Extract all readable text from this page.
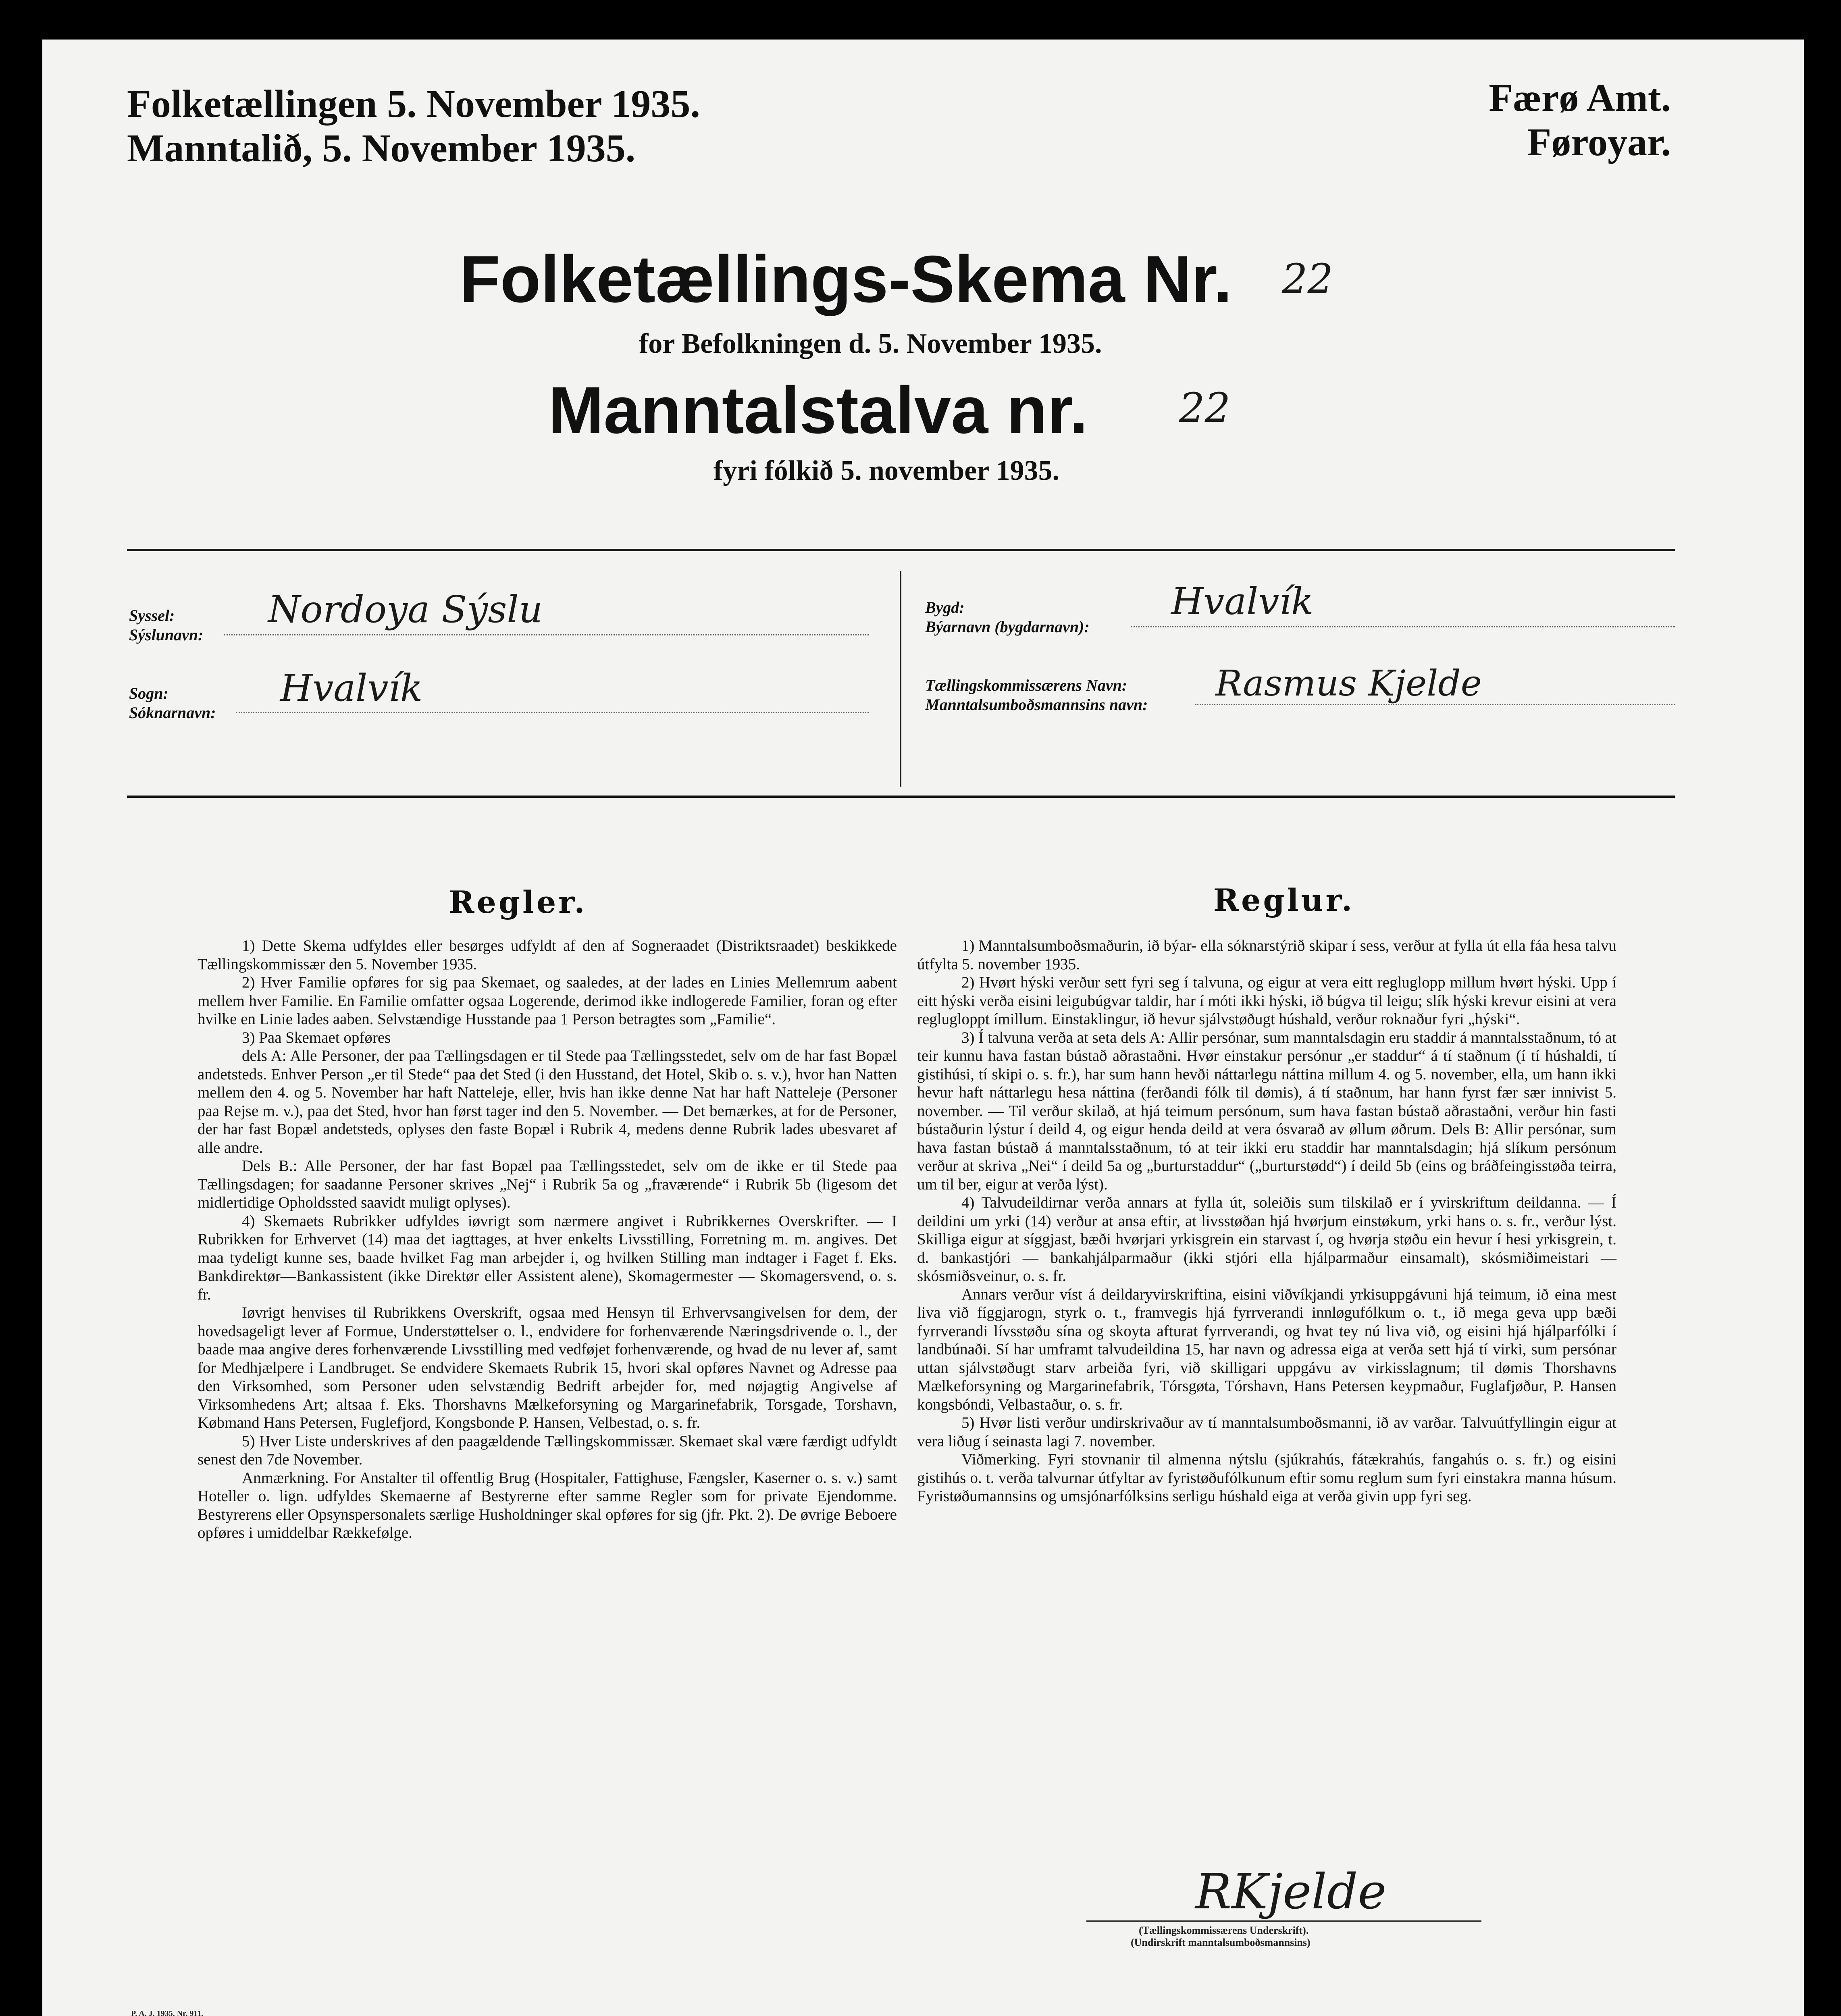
Folketællingen 5. November 1935.
Manntalið, 5. November 1935.
Færø Amt.
Føroyar.
Folketællings-Skema Nr. 22
for Befolkningen d. 5. November 1935.
Manntalstalva nr. 22
fyri fólkið 5. november 1935.
Syssel:
Sýslunavn:
Nordoya Sýslu
Sogn:
Sóknarnavn:
Hvalvík
Bygd:
Býarnavn (bygdarnavn):
Hvalvík
Tællingskommissærens Navn:
Manntalsumboðsmannsins navn:
Rasmus Kjelde
Regler.	Reglur.

1) Dette Skema udfyldes eller besørges udfyldt af den af Sogneraadet (Distriktsraadet) beskikkede Tællingskommissær den 5. November 1935.

2) Hver Familie opføres for sig paa Skemaet, og saaledes, at der lades en Linies Mellemrum aabent mellem hver Familie. En Familie omfatter ogsaa Logerende, derimod ikke indlogerede Familier, foran og efter hvilke en Linie lades aaben. Selvstændige Husstande paa 1 Person betragtes som „Familie“.

3) Paa Skemaet opføres

dels A: Alle Personer, der paa Tællingsdagen er til Stede paa Tællingsstedet, selv om de har fast Bopæl andetsteds. Enhver Person „er til Stede“ paa det Sted (i den Husstand, det Hotel, Skib o. s. v.), hvor han Natten mellem den 4. og 5. November har haft Natteleje, eller, hvis han ikke denne Nat har haft Natteleje (Personer paa Rejse m. v.), paa det Sted, hvor han først tager ind den 5. November. — Det bemærkes, at for de Personer, der har fast Bopæl andetsteds, oplyses den faste Bopæl i Rubrik 4, medens denne Rubrik lades ubesvaret af alle andre.

Dels B.: Alle Personer, der har fast Bopæl paa Tællingsstedet, selv om de ikke er til Stede paa Tællingsdagen; for saadanne Personer skrives „Nej“ i Rubrik 5a og „fraværende“ i Rubrik 5b (ligesom det midlertidige Opholdssted saavidt muligt oplyses).

4) Skemaets Rubrikker udfyldes iøvrigt som nærmere angivet i Rubrikkernes Overskrifter. — I Rubrikken for Erhvervet (14) maa det iagttages, at hver enkelts Livsstilling, Forretning m. m. angives. Det maa tydeligt kunne ses, baade hvilket Fag man arbejder i, og hvilken Stilling man indtager i Faget f. Eks. Bankdirektør—Bankassistent (ikke Direktør eller Assistent alene), Skomagermester — Skomagersvend, o. s. fr.

Iøvrigt henvises til Rubrikkens Overskrift, ogsaa med Hensyn til Erhvervsangivelsen for dem, der hovedsageligt lever af Formue, Understøttelser o. l., endvidere for forhenværende Næringsdrivende o. l., der baade maa angive deres forhenværende Livsstilling med vedføjet forhenværende, og hvad de nu lever af, samt for Medhjælpere i Landbruget. Se endvidere Skemaets Rubrik 15, hvori skal opføres Navnet og Adresse paa den Virksomhed, som Personer uden selvstændig Bedrift arbejder for, med nøjagtig Angivelse af Virksomhedens Art; altsaa f. Eks. Thorshavns Mælkeforsyning og Margarinefabrik, Torsgade, Torshavn, Købmand Hans Petersen, Fuglefjord, Kongsbonde P. Hansen, Velbestad, o. s. fr.

5) Hver Liste underskrives af den paagældende Tællingskommissær. Skemaet skal være færdigt udfyldt senest den 7de November.

Anmærkning. For Anstalter til offentlig Brug (Hospitaler, Fattighuse, Fængsler, Kaserner o. s. v.) samt Hoteller o. lign. udfyldes Skemaerne af Bestyrerne efter samme Regler som for private Ejendomme. Bestyrerens eller Opsynspersonalets særlige Husholdninger skal opføres for sig (jfr. Pkt. 2). De øvrige Beboere opføres i umiddelbar Rækkefølge.

1) Manntalsumboðsmaðurin, ið býar- ella sóknarstýrið skipar í sess, verður at fylla út ella fáa hesa talvu útfylta 5. november 1935.

2) Hvørt hýski verður sett fyri seg í talvuna, og eigur at vera eitt regluglopp millum hvørt hýski. Upp í eitt hýski verða eisini leigubúgvar taldir, har í móti ikki hýski, ið búgva til leigu; slík hýski krevur eisini at vera reglugloppt ímillum. Einstaklingur, ið hevur sjálvstøðugt húshald, verður roknaður fyri „hýski“.

3) Í talvuna verða at seta dels A: Allir persónar, sum manntalsdagin eru staddir á manntalsstaðnum, tó at teir kunnu hava fastan bústað aðrastaðni. Hvør einstakur persónur „er staddur“ á tí staðnum (í tí húshaldi, tí gistihúsi, tí skipi o. s. fr.), har sum hann hevði náttarlegu náttina millum 4. og 5. november, ella, um hann ikki hevur haft náttarlegu hesa náttina (ferðandi fólk til dømis), á tí staðnum, har hann fyrst fær sær innivist 5. november. — Til verður skilað, at hjá teimum persónum, sum hava fastan bústað aðrastaðni, verður hin fasti bústaðurin lýstur í deild 4, og eigur henda deild at vera ósvarað av øllum øðrum. Dels B: Allir persónar, sum hava fastan bústað á manntalsstaðnum, tó at teir ikki eru staddir har manntalsdagin; hjá slíkum persónum verður at skriva „Nei“ í deild 5a og „burturstaddur“ („burturstødd“) í deild 5b (eins og bráðfeingisstøða teirra, um til ber, eigur at verða lýst).

4) Talvudeildirnar verða annars at fylla út, soleiðis sum tilskilað er í yvirskriftum deildanna. — Í deildini um yrki (14) verður at ansa eftir, at livsstøðan hjá hvørjum einstøkum, yrki hans o. s. fr., verður lýst. Skilliga eigur at síggjast, bæði hvørjari yrkisgrein ein starvast í, og hvørja støðu ein hevur í hesi yrkisgrein, t. d. bankastjóri — bankahjálparmaður (ikki stjóri ella hjálparmaður einsamalt), skósmiðimeistari — skósmiðsveinur, o. s. fr.

Annars verður víst á deildaryvirskriftina, eisini viðvíkjandi yrkisuppgávuni hjá teimum, ið eina mest liva við fíggjarogn, styrk o. t., framvegis hjá fyrrverandi innløgufólkum o. t., ið mega geva upp bæði fyrrverandi lívsstøðu sína og skoyta afturat fyrrverandi, og hvat tey nú liva við, og eisini hjá hjálparfólki í landbúnaði. Sí har umframt talvudeildina 15, har navn og adressa eiga at verða sett hjá tí virki, sum persónar uttan sjálvstøðugt starv arbeiða fyri, við skilligari uppgávu av virkisslagnum; til dømis Thorshavns Mælkeforsyning og Margarinefabrik, Tórsgøta, Tórshavn, Hans Petersen keypmaður, Fuglafjøður, P. Hansen kongsbóndi, Velbastaður, o. s. fr.

5) Hvør listi verður undirskrivaður av tí manntalsumboðsmanni, ið av varðar. Talvuútfyllingin eigur at vera liðug í seinasta lagi 7. november.

Viðmerking. Fyri stovnanir til almenna nýtslu (sjúkrahús, fátækrahús, fangahús o. s. fr.) og eisini gistihús o. t. verða talvurnar útfyltar av fyristøðufólkunum eftir somu reglum sum fyri einstakra manna húsum. Fyristøðumannsins og umsjónarfólksins serligu húshald eiga at verða givin upp fyri seg.

RKjelde
(Tællingskommissærens Underskrift).
(Undirskrift manntalsumboðsmannsins)
P. A. J. 1935. Nr. 911.
